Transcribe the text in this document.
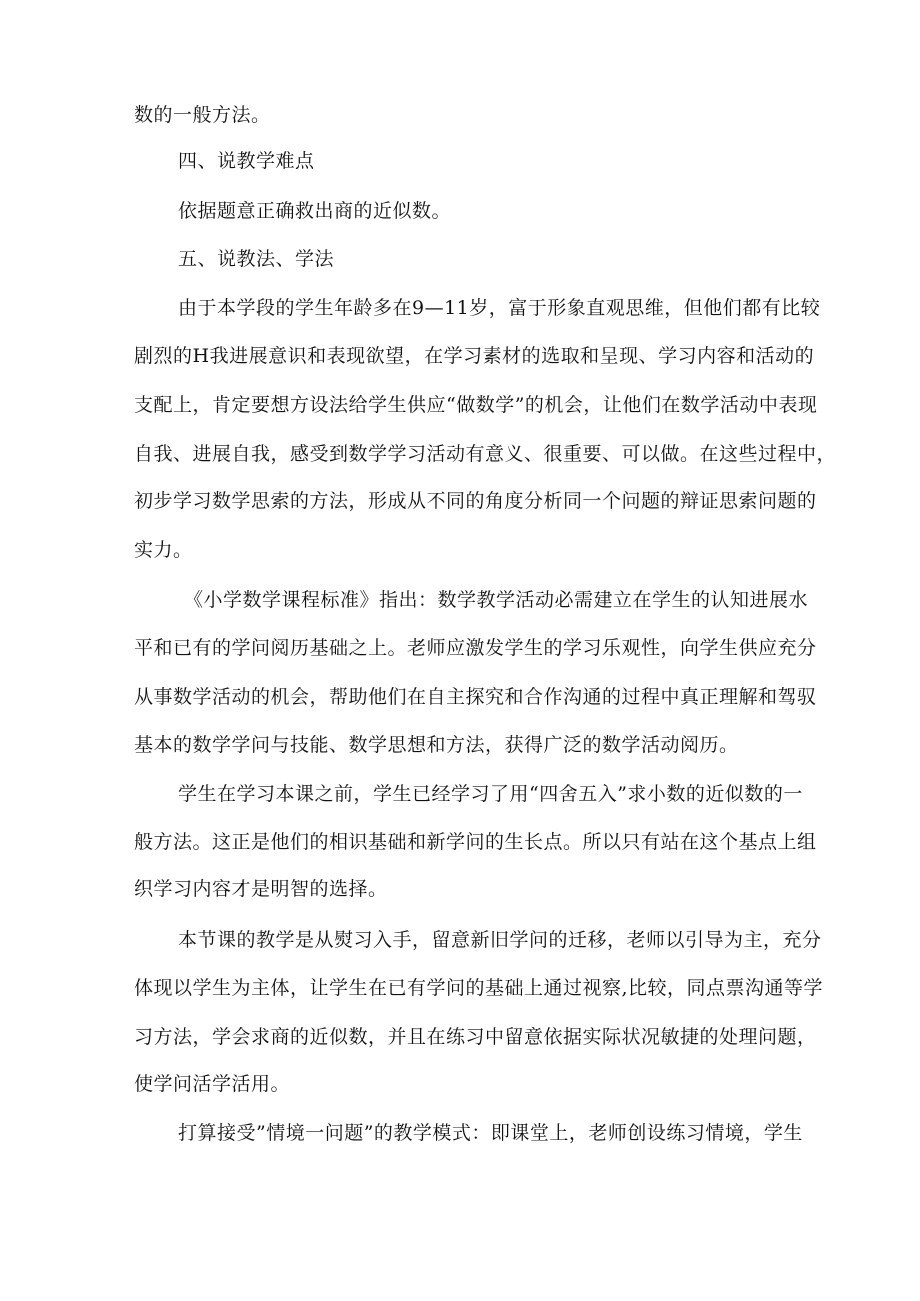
数的一般方法。
四、说教学难点
依据题意正确救出商的近似数。
五、说教法、学法
由于本学段的学生年龄多在9—11岁，富于形象直观思维，但他们都有比较
剧烈的H我进展意识和表现欲望，在学习素材的选取和呈现、学习内容和活动的
支配上，肯定要想方设法给学生供应“做数学”的机会，让他们在数学活动中表现
自我、进展自我，感受到数学学习活动有意义、很重要、可以做。在这些过程中，
初步学习数学思索的方法，形成从不同的角度分析同一个问题的辩证思索问题的
实力。
《小学数学课程标准》指出：数学教学活动必需建立在学生的认知进展水
平和已有的学问阅历基础之上。老师应激发学生的学习乐观性，向学生供应充分
从事数学活动的机会，帮助他们在自主探究和合作沟通的过程中真正理解和驾驭
基本的数学学问与技能、数学思想和方法，获得广泛的数学活动阅历。
学生在学习本课之前，学生已经学习了用“四舍五入”求小数的近似数的一
般方法。这正是他们的相识基础和新学问的生长点。所以只有站在这个基点上组
织学习内容才是明智的选择。
本节课的教学是从熨习入手，留意新旧学问的迁移，老师以引导为主，充分
体现以学生为主体，让学生在已有学问的基础上通过视察,比较，同点票沟通等学
习方法，学会求商的近似数，并且在练习中留意依据实际状况敏捷的处理问题，
使学问活学活用。
打算接受”情境一问题”的教学模式：即课堂上，老师创设练习情境，学生
